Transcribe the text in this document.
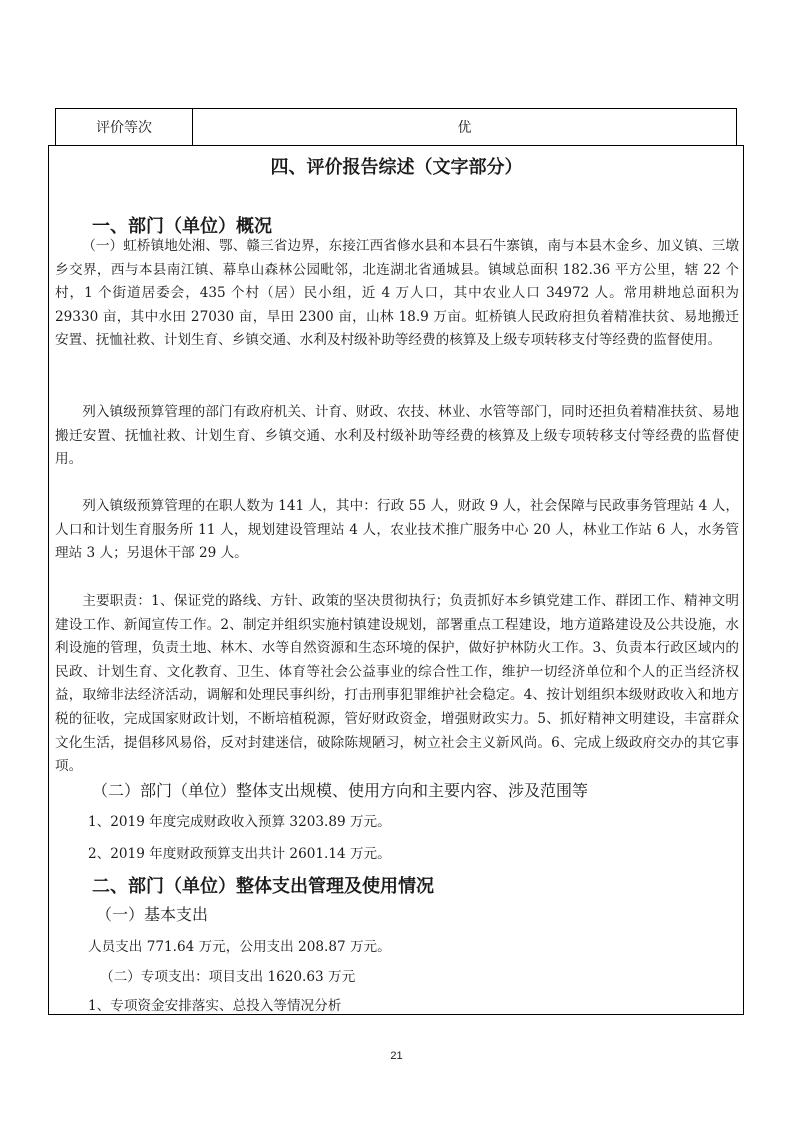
评价等次	优
四、评价报告综述（文字部分）
一、部门（单位）概况
（一）虹桥镇地处湘、鄂、赣三省边界，东接江西省修水县和本县石牛寨镇，南与本县木金乡、加义镇、三墩乡交界，西与本县南江镇、幕阜山森林公园毗邻，北连湖北省通城县。镇域总面积 182.36 平方公里，辖 22 个村，1 个街道居委会，435 个村（居）民小组，近 4 万人口，其中农业人口 34972 人。常用耕地总面积为 29330 亩，其中水田 27030 亩，旱田 2300 亩，山林 18.9 万亩。虹桥镇人民政府担负着精准扶贫、易地搬迁安置、抚恤社救、计划生育、乡镇交通、水利及村级补助等经费的核算及上级专项转移支付等经费的监督使用。
列入镇级预算管理的部门有政府机关、计育、财政、农技、林业、水管等部门，同时还担负着精准扶贫、易地搬迁安置、抚恤社救、计划生育、乡镇交通、水利及村级补助等经费的核算及上级专项转移支付等经费的监督使用。
列入镇级预算管理的在职人数为 141 人，其中：行政 55 人，财政 9 人，社会保障与民政事务管理站 4 人，人口和计划生育服务所 11 人，规划建设管理站 4 人，农业技术推广服务中心 20 人，林业工作站 6 人，水务管理站 3 人；另退休干部 29 人。
主要职责：1、保证党的路线、方针、政策的坚决贯彻执行；负责抓好本乡镇党建工作、群团工作、精神文明建设工作、新闻宣传工作。2、制定并组织实施村镇建设规划，部署重点工程建设，地方道路建设及公共设施，水利设施的管理，负责土地、林木、水等自然资源和生态环境的保护，做好护林防火工作。3、负责本行政区域内的民政、计划生育、文化教育、卫生、体育等社会公益事业的综合性工作，维护一切经济单位和个人的正当经济权益，取缔非法经济活动，调解和处理民事纠纷，打击刑事犯罪维护社会稳定。4、按计划组织本级财政收入和地方税的征收，完成国家财政计划，不断培植税源，管好财政资金，增强财政实力。5、抓好精神文明建设，丰富群众文化生活，提倡移风易俗，反对封建迷信，破除陈规陋习，树立社会主义新风尚。6、完成上级政府交办的其它事项。
（二）部门（单位）整体支出规模、使用方向和主要内容、涉及范围等
1、2019 年度完成财政收入预算 3203.89 万元。
2、2019 年度财政预算支出共计 2601.14 万元。
二、部门（单位）整体支出管理及使用情况
（一）基本支出
人员支出 771.64 万元，公用支出 208.87 万元。
（二）专项支出：项目支出 1620.63 万元
1、专项资金安排落实、总投入等情况分析
21
